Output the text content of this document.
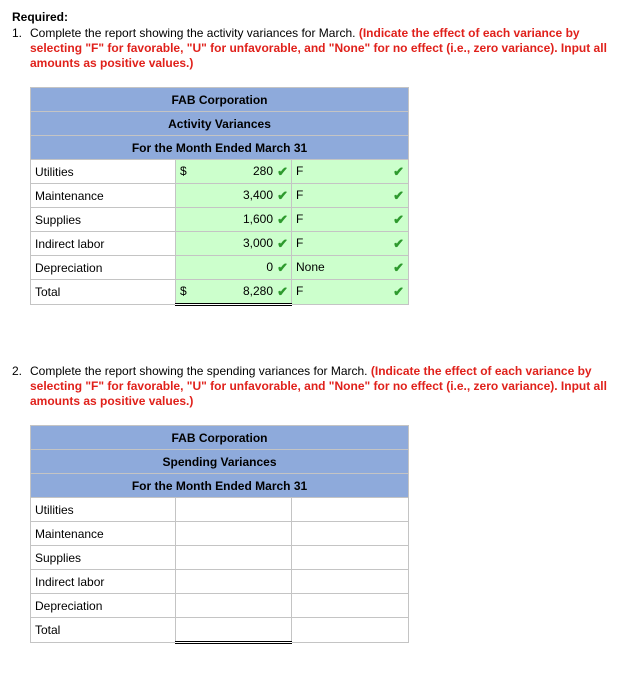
Required:
1. Complete the report showing the activity variances for March. (Indicate the effect of each variance by selecting "F" for favorable, "U" for unfavorable, and "None" for no effect (i.e., zero variance). Input all amounts as positive values.)
FAB Corporation		
Activity Variances		
For the Month Ended March 31		
Utilities	$ 280 ✔	F ✔

Maintenance	3,400 ✔	F ✔

Supplies	1,600 ✔	F ✔

Indirect labor	3,000 ✔	F ✔

Depreciation	0 ✔	None ✔

Total	$ 8,280 ✔	F ✔
2. Complete the report showing the spending variances for March. (Indicate the effect of each variance by selecting "F" for favorable, "U" for unfavorable, and "None" for no effect (i.e., zero variance). Input all amounts as positive values.)
FAB Corporation		
Spending Variances		
For the Month Ended March 31		
Utilities		
Maintenance		
Supplies		
Indirect labor		
Depreciation		
Total		
